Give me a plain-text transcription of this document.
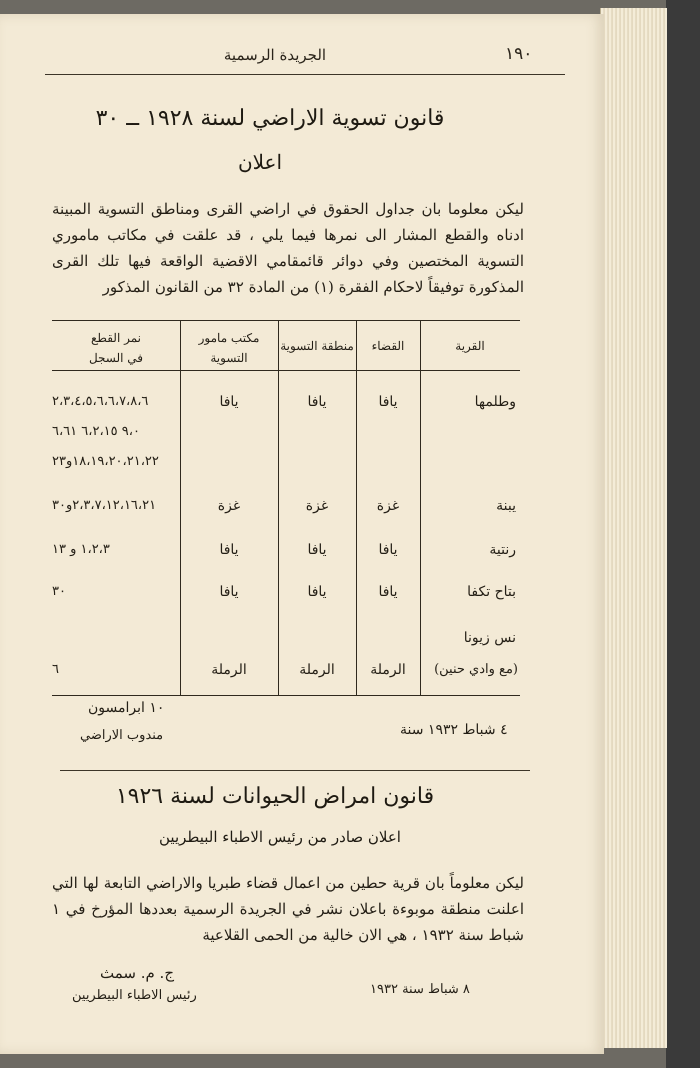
١٩٠
الجريدة الرسمية
قانون تسوية الاراضي لسنة ١٩٢٨ ــ ٣٠
اعلان
ليكن معلوما بان جداول الحقوق في اراضي القرى ومناطق التسوية المبينة ادناه والقطع المشار الى نمرها فيما يلي ، قد علقت في مكاتب ماموري التسوية المختصين وفي دوائر قائمقامي الاقضية الواقعة فيها تلك القرى المذكورة توفيقاً لاحكام الفقرة (١) من المادة ٣٢ من القانون المذكور
القرية
القضاء
منطقة التسوية
مكتب مامور
التسوية
نمر القطع
في السجل
وطلمها
يافا
يافا
يافا
٢،٣،٤،٥،٦،٦،٧،٨،٦
٩،٠ ٦،٢،١٥ ٦،٦١
١٨،١٩،٢٠،٢١،٢٢و٢٣
يبنة
غزة
غزة
غزة
٢،٣،٧،١٢،١٦،٢١و٣٠
رنتية
يافا
يافا
يافا
١،٢،٣ و ١٣
بتاح تكفا
يافا
يافا
يافا
٣٠
نس زيونا
(مع وادي حنين)
الرملة
الرملة
الرملة
٦
١٠ ابرامسون
مندوب الاراضي	٤ شباط ١٩٣٢ سنة
قانون امراض الحيوانات لسنة ١٩٢٦
اعلان صادر من رئيس الاطباء البيطريين
ليكن معلوماً بان قرية حطين من اعمال قضاء طبريا والاراضي التابعة لها التي اعلنت منطقة موبوءة باعلان نشر في الجريدة الرسمية بعددها المؤرخ في ١ شباط سنة ١٩٣٢ ، هي الان خالية من الحمى القلاعية
ج. م. سمث
رئيس الاطباء البيطريين	٨ شباط سنة ١٩٣٢
